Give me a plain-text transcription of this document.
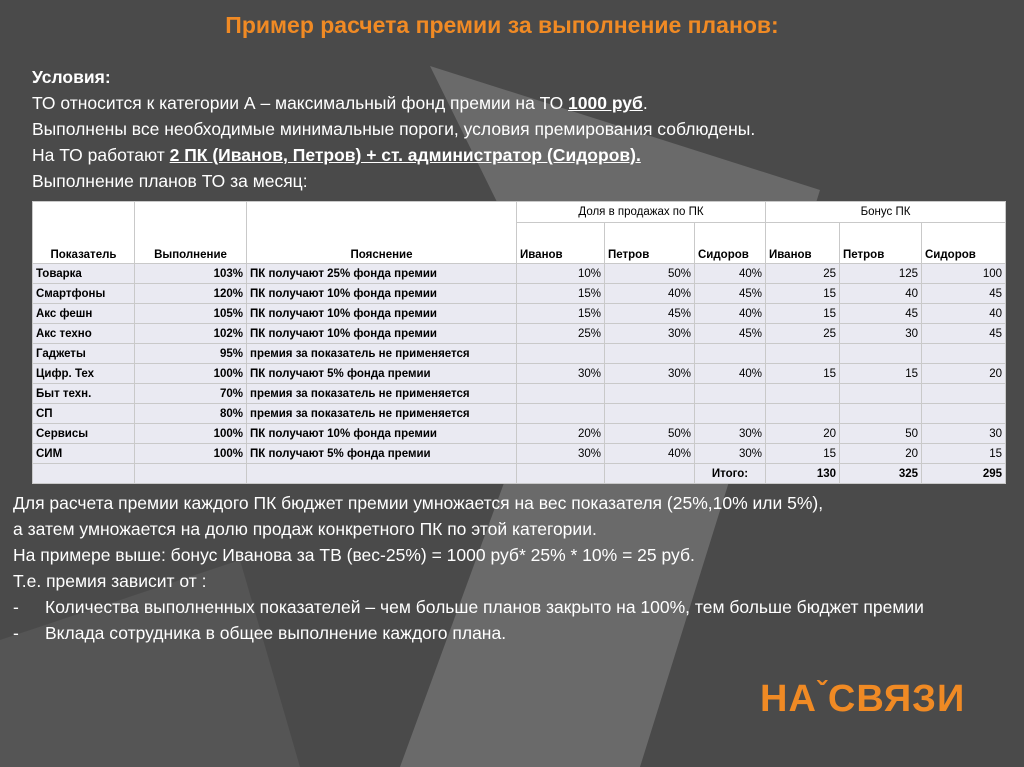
Пример расчета премии за выполнение планов:
Условия:
ТО относится к категории А – максимальный фонд премии на ТО 1000 руб.
Выполнены все необходимые минимальные пороги, условия премирования соблюдены.
На ТО работают 2 ПК (Иванов, Петров) + ст. администратор (Сидоров).
Выполнение планов ТО за месяц:
Показатель	Выполнение	Пояснение	Доля в продажах по ПК			Бонус ПК		
			Иванов	Петров	Сидоров	Иванов	Петров	Сидоров
Товарка	103%	ПК получают 25% фонда премии	10%	50%	40%	25	125	100
Смартфоны	120%	ПК получают 10% фонда премии	15%	40%	45%	15	40	45
Акс фешн	105%	ПК получают 10% фонда премии	15%	45%	40%	15	45	40
Акс техно	102%	ПК получают 10% фонда премии	25%	30%	45%	25	30	45
Гаджеты	95%	премия за показатель не применяется						
Цифр. Тех	100%	ПК получают 5% фонда премии	30%	30%	40%	15	15	20
Быт техн.	70%	премия за показатель не применяется						
СП	80%	премия за показатель не применяется						
Сервисы	100%	ПК получают 10% фонда премии	20%	50%	30%	20	50	30
СИМ	100%	ПК получают 5% фонда премии	30%	40%	30%	15	20	15
					Итого:	130	325	295
Для расчета премии каждого ПК бюджет премии умножается на вес показателя (25%,10% или 5%),
а затем умножается на долю продаж конкретного ПК по этой категории.
На примере выше: бонус Иванова за ТВ (вес-25%) = 1000 руб* 25% * 10% = 25 руб.
Т.е. премия зависит от :
-	Количества выполненных показателей – чем больше планов закрыто на 100%, тем больше бюджет премии
-	Вклада сотрудника в общее выполнение каждого плана.
$НА^ˇСВЯЗИ$
